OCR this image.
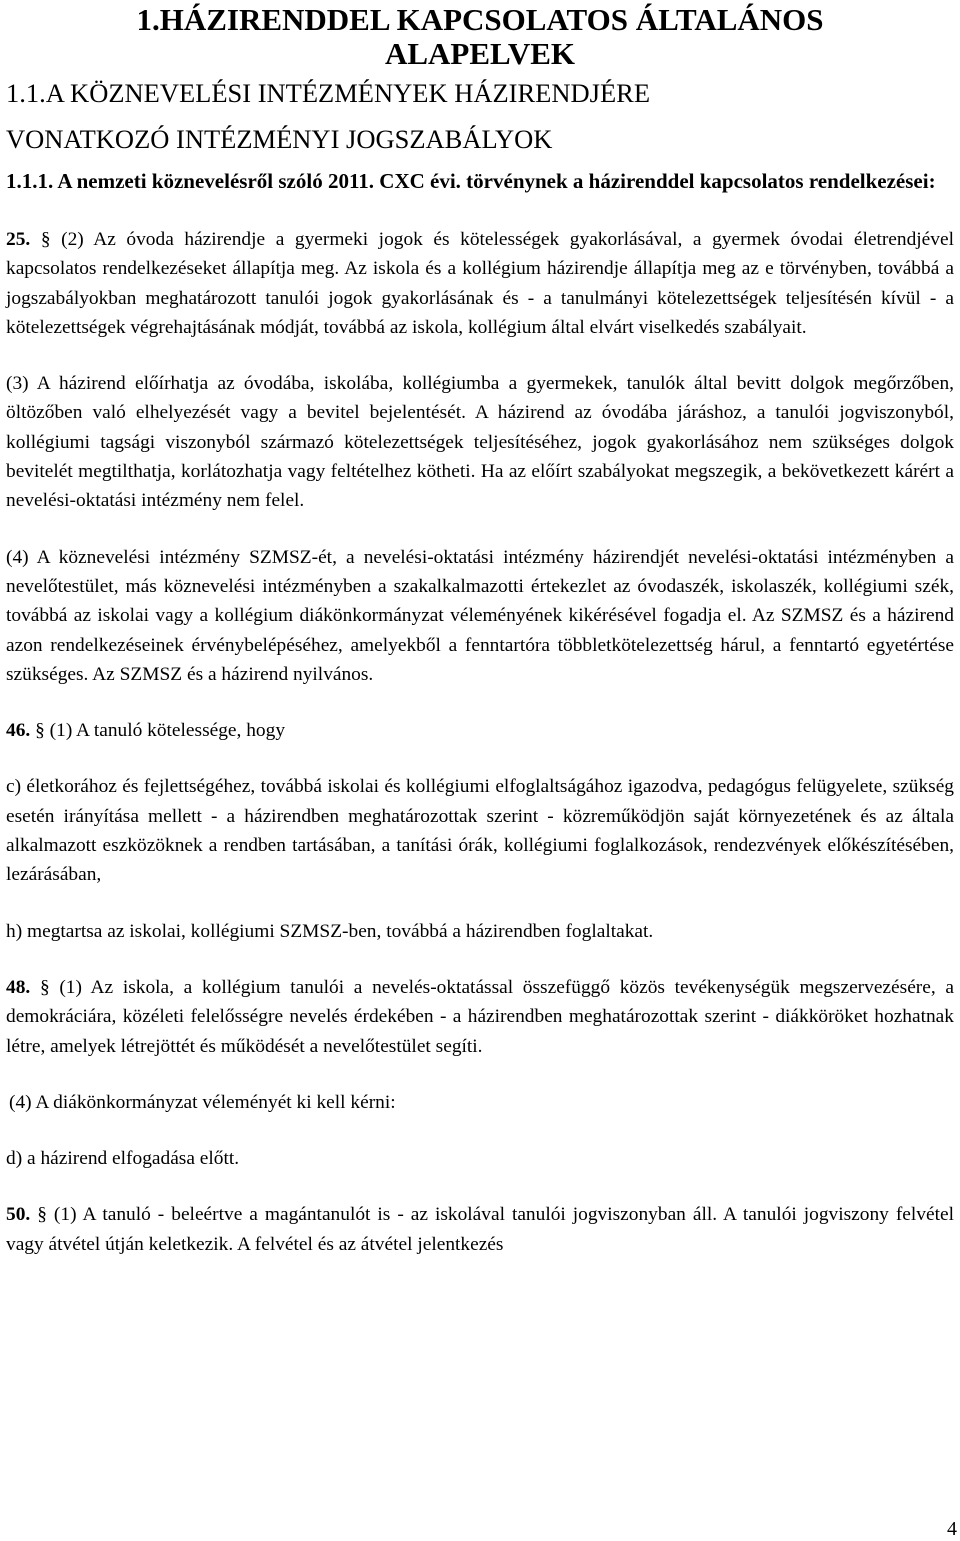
1.HÁZIRENDDEL KAPCSOLATOS ÁLTALÁNOS
ALAPELVEK
1.1.A KÖZNEVELÉSI INTÉZMÉNYEK HÁZIRENDJÉRE
VONATKOZÓ INTÉZMÉNYI JOGSZABÁLYOK
1.1.1. A nemzeti köznevelésről szóló 2011. CXC évi. törvénynek a házirenddel kapcsolatos rendelkezései:

25. § (2) Az óvoda házirendje a gyermeki jogok és kötelességek gyakorlásával, a gyermek óvodai életrendjével kapcsolatos rendelkezéseket állapítja meg. Az iskola és a kollégium házirendje állapítja meg az e törvényben, továbbá a jogszabályokban meghatározott tanulói jogok gyakorlásának és - a tanulmányi kötelezettségek teljesítésén kívül - a kötelezettségek végrehajtásának módját, továbbá az iskola, kollégium által elvárt viselkedés szabályait.

(3) A házirend előírhatja az óvodába, iskolába, kollégiumba a gyermekek, tanulók által bevitt dolgok megőrzőben, öltözőben való elhelyezését vagy a bevitel bejelentését. A házirend az óvodába járáshoz, a tanulói jogviszonyból, kollégiumi tagsági viszonyból származó kötelezettségek teljesítéséhez, jogok gyakorlásához nem szükséges dolgok bevitelét megtilthatja, korlátozhatja vagy feltételhez kötheti. Ha az előírt szabályokat megszegik, a bekövetkezett kárért a nevelési-oktatási intézmény nem felel.

(4) A köznevelési intézmény SZMSZ-ét, a nevelési-oktatási intézmény házirendjét nevelési-oktatási intézményben a nevelőtestület, más köznevelési intézményben a szakalkalmazotti értekezlet az óvodaszék, iskolaszék, kollégiumi szék, továbbá az iskolai vagy a kollégium diákönkormányzat véleményének kikérésével fogadja el. Az SZMSZ és a házirend azon rendelkezéseinek érvénybelépéséhez, amelyekből a fenntartóra többletkötelezettség hárul, a fenntartó egyetértése szükséges. Az SZMSZ és a házirend nyilvános.

46. § (1) A tanuló kötelessége, hogy

c) életkorához és fejlettségéhez, továbbá iskolai és kollégiumi elfoglaltságához igazodva, pedagógus felügyelete, szükség esetén irányítása mellett - a házirendben meghatározottak szerint - közreműködjön saját környezetének és az általa alkalmazott eszközöknek a rendben tartásában, a tanítási órák, kollégiumi foglalkozások, rendezvények előkészítésében, lezárásában,

h) megtartsa az iskolai, kollégiumi SZMSZ-ben, továbbá a házirendben foglaltakat.

48. § (1) Az iskola, a kollégium tanulói a nevelés-oktatással összefüggő közös tevékenységük megszervezésére, a demokráciára, közéleti felelősségre nevelés érdekében - a házirendben meghatározottak szerint - diákköröket hozhatnak létre, amelyek létrejöttét és működését a nevelőtestület segíti.

(4) A diákönkormányzat véleményét ki kell kérni:

d) a házirend elfogadása előtt.

50. § (1) A tanuló - beleértve a magántanulót is - az iskolával tanulói jogviszonyban áll. A tanulói jogviszony felvétel vagy átvétel útján keletkezik. A felvétel és az átvétel jelentkezés

4
